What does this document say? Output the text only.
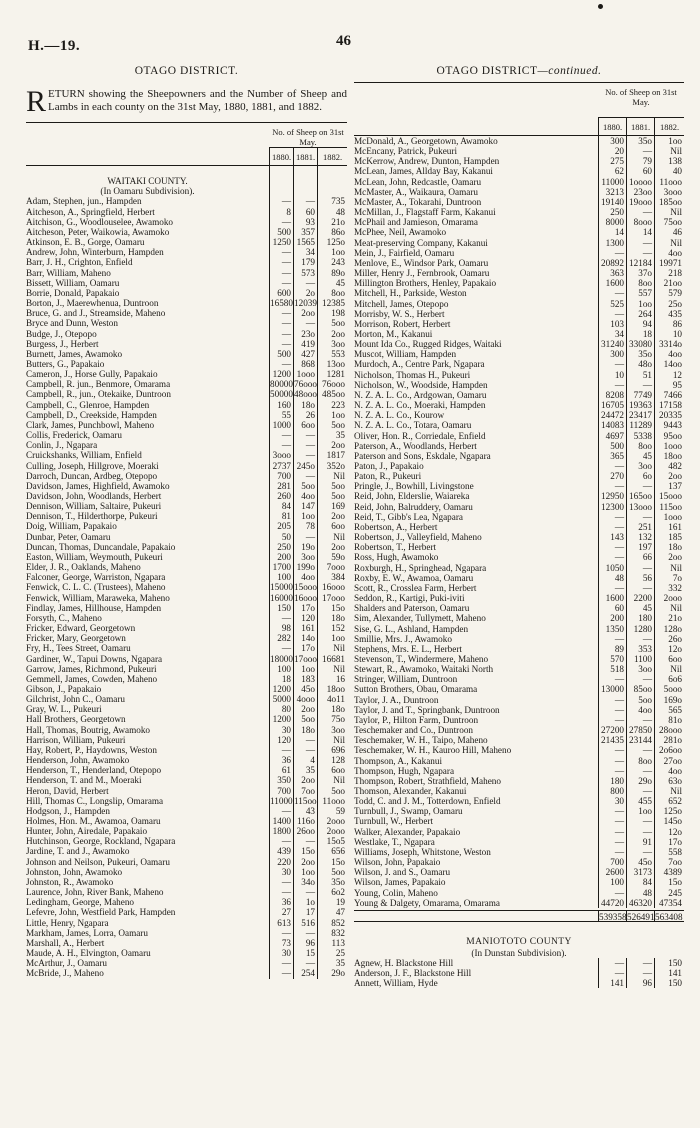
H.—19.	46
OTAGO DISTRICT.
RETURN showing the Sheepowners and the Number of Sheep and Lambs in each county on the 31st May, 1880, 1881, and 1882.
No. of Sheep on 31st May.
1880. 1881. 1882.
WAITAKI COUNTY.
(In Oamaru Subdivision).
Adam, Stephen, jun., Hampden	—	—	735
Aitcheson, A., Springfield, Herbert	8	60	48
Aitchison, G., Woodlouselee, Awamoko	—	93	21o
Aitcheson, Peter, Waikowia, Awamoko	500	357	86o
Atkinson, E. B., Gorge, Oamaru	1250 1565	125o
Andrew, John, Winterburn, Hampden	—	34	1oo
Barr, J. H., Crighton, Enfield	—	179	243
Barr, William, Maheno	—	573	89o
Bissett, William, Oamaru	—	—	45
Borrie, Donald, Papakaio	600	2o	8oo
Borton, J., Maerewhenua, Duntroon	16580 12039 12385
Bruce, G. and J., Streamside, Maheno	—	2oo	198
Bryce and Dunn, Weston	—	—	5oo
Budge, J., Otepopo	—	23o	2oo
Burgess, J., Herbert	—	419	3oo
Burnett, James, Awamoko	500	427	553
Butters, G., Papakaio	—	868	13oo
Cameron, J., Horse Gully, Papakaio	1200 1ooo	1281
Campbell, R. jun., Benmore, Omarama	80000 76ooo 76ooo
Campbell, R., jun., Otekaike, Duntroon	50000 48ooo 485oo
Campbell, C., Glenroe, Hampden	160	18o	223
Campbell, D., Creekside, Hampden	55	26	1oo
Clark, James, Punchbowl, Maheno	1000	6oo	5oo
Collis, Frederick, Oamaru	—	—	35
Conlin, J., Ngapara	—	—	2oo
Cruickshanks, William, Enfield	3ooo	—	1817
Culling, Joseph, Hillgrove, Moeraki	2737 245o	352o
Darroch, Duncan, Ardbeg, Otepopo	700	—	Nil
Davidson, James, Highfield, Awamoko	281	5oo	5oo
Davidson, John, Woodlands, Herbert	260	4oo	5oo
Dennison, William, Saltaire, Pukeuri	84	147	169
Dennison, T., Hilderthorpe, Pukeuri	81	1oo	2oo
Doig, William, Papakaio	205	78	6oo
Dunbar, Peter, Oamaru	50	—	Nil
Duncan, Thomas, Duncandale, Papakaio	250	19o	2oo
Easton, William, Weymouth, Pukeuri	200	3oo	59o
Elder, J. R., Oaklands, Maheno	1700 199o	7ooo
Falconer, George, Warriston, Ngapara	100	4oo	384
Fenwick, C. L. C. (Trustees), Maheno	15000 15ooo 16ooo
Fenwick, William, Maraweka, Maheno	16000 16ooo 17ooo
Findlay, James, Hillhouse, Hampden	150	17o	15o
Forsyth, C., Maheno	—	120	18o
Fricker, Edward, Georgetown	98	161	152
Fricker, Mary, Georgetown	282	14o	1oo
Fry, H., Tees Street, Oamaru	—	17o	Nil
Gardiner, W., Tapui Downs, Ngapara	18000 17ooo 16681
Garrow, James, Richmond, Pukeuri	100	1oo	Nil
Gemmell, James, Cowden, Maheno	18	183	16
Gibson, J., Papakaio	1200	45o	18oo
Gilchrist, John C., Oamaru	5000 4ooo	4o11
Gray, W. L., Pukeuri	80	2oo	18o
Hall Brothers, Georgetown	1200	5oo	75o
Hall, Thomas, Boutrig, Awamoko	30	18o	3oo
Harrison, William, Pukeuri	120	—	Nil
Hay, Robert, P., Haydowns, Weston	—	—	696
Henderson, John, Awamoko	36	4	128
Henderson, T., Henderland, Otepopo	61	35	6oo
Henderson, T. and M., Moeraki	350	2oo	Nil
Heron, David, Herbert	700	7oo	5oo
Hill, Thomas C., Longslip, Omarama	11000 115oo 11ooo
Hodgson, J., Hampden	—	43	59
Holmes, Hon. M., Awamoa, Oamaru	1400 116o	2ooo
Hunter, John, Airedale, Papakaio	1800 26oo	2ooo
Hutchinson, George, Rockland, Ngapara	—	—	15o5
Jardine, T. and J., Awamoko	439	15o	656
Johnson and Neilson, Pukeuri, Oamaru	220	2oo	15o
Johnston, John, Awamoko	30	1oo	5oo
Johnston, R., Awamoko	—	34o	35o
Laurence, John, River Bank, Maheno	—	—	6o2
Ledingham, George, Maheno	36	1o	19
Lefevre, John, Westfield Park, Hampden	27	17	47
Little, Henry, Ngapara	613	516	852
Markham, James, Lorra, Oamaru	—	—	832
Marshall, A., Herbert	73	96	113
Maude, A. H., Elvington, Oamaru	30	15	25
McArthur, J., Oamaru	—	—	35
McBride, J., Maheno	—	254	29o
OTAGO DISTRICT—continued.
No. of Sheep on 31st May.
1880.	1881.	1882.
McDonald, A., Georgetown, Awamoko	300	35o	1oo
McEncany, Patrick, Pukeuri	20	—	Nil
McKerrow, Andrew, Dunton, Hampden	275	79	138
McLean, James, Allday Bay, Kakanui	62	60	40
McLean, John, Redcastle, Oamaru	11000 1oooo 11ooo
McMaster, A., Waikaura, Oamaru	3213	23oo	3ooo
McMaster, A., Tokarahi, Duntroon	19140 19ooo 185oo
McMillan, J., Flagstaff Farm, Kakanui	250	—	Nil
McPhail and Jamieson, Omarama	8000	8ooo	75oo
McPhee, Neil, Awamoko	14	14	46
Meat-preserving Company, Kakanui	1300	—	Nil
Mein, J., Fairfield, Oamaru	—	—	4oo
Menlove, E., Windsor Park, Oamaru	20892 12184 19971
Miller, Henry J., Fernbrook, Oamaru	363	37o	218
Millington Brothers, Henley, Papakaio	1600	8oo	21oo
Mitchell, H., Parkside, Weston	—	557	579
Mitchell, James, Otepopo	525	1oo	25o
Morrisby, W. S., Herbert	—	264	435
Morrison, Robert, Herbert	103	94	86
Morton, M., Kakanui	34	18	10
Mount Ida Co., Rugged Ridges, Waitaki	31240 33080 3314o
Muscot, William, Hampden	300	35o	4oo
Murdoch, A., Centre Park, Ngapara	—	48o	14oo
Nicholson, Thomas H., Pukeuri	10	51	12
Nicholson, W., Woodside, Hampden	—	—	95
N. Z. A. L. Co., Ardgowan, Oamaru	8208	7749	7466
N. Z. A. L. Co., Moeraki, Hampden	16705 19363 17158
N. Z. A. L. Co., Kourow	24472 23417 20335
N. Z. A. L. Co., Totara, Oamaru	14083 11289	9443
Oliver, Hon. R., Corriedale, Enfield	4697	5338	95oo
Paterson, A., Woodlands, Herbert	500	8oo	1ooo
Paterson and Sons, Eskdale, Ngapara	365	45	18oo
Paton, J., Papakaio	—	3oo	482
Paton, R., Pukeuri	270	6o	2oo
Pringle, J., Bowhill, Livingstone	—	—	137
Reid, John, Elderslie, Waiareka	12950 165oo 15ooo
Reid, John, Balruddery, Oamaru	12300 13ooo 115oo
Reid, T., Gibb's Lea, Ngapara	—	—	1ooo
Robertson, A., Herbert	—	251	161
Robertson, J., Valleyfield, Maheno	143	132	185
Robertson, T., Herbert	—	197	18o
Ross, Hugh, Awamoko	—	66	2oo
Roxburgh, H., Springhead, Ngapara	1050	—	Nil
Roxby, E. W., Awamoa, Oamaru	48	56	7o
Scott, R., Crosslea Farm, Herbert	—	—	332
Seddon, R., Kartigi, Puki-iviti	1600	2200	2ooo
Shalders and Paterson, Oamaru	60	45	Nil
Sim, Alexander, Tullymett, Maheno	200	180	21o
Sise, G. L., Ashland, Hampden	1350	1280	128o
Smillie, Mrs. J., Awamoko	—	—	26o
Stephens, Mrs. E. L., Herbert	89	353	12o
Stevenson, T., Windermere, Maheno	570	1100	6oo
Stewart, R., Awamoko, Waitaki North	518	3oo	Nil
Stringer, William, Duntroon	—	—	6o6
Sutton Brothers, Obau, Omarama	13000	85oo	5ooo
Taylor, J. A., Duntroon	—	5oo	169o
Taylor, J. and T., Springbank, Duntroon	—	4oo	565
Taylor, P., Hilton Farm, Duntroon	—	—	81o
Teschemaker and Co., Duntroon	27200 27850 28ooo
Teschemaker, W. H., Taipo, Maheno	21435 23144	281o
Teschemaker, W. H., Kauroo Hill, Maheno	—	— 2o6oo
Thompson, A., Kakanui	—	8oo	27oo
Thompson, Hugh, Ngapara	—	—	4oo
Thompson, Robert, Strathfield, Maheno	180	29o	63o
Thomson, Alexander, Kakanui	800	—	Nil
Todd, C. and J. M., Totterdown, Enfield	30	455	652
Turnbull, J., Swamp, Oamaru	—	1oo	125o
Turnbull, W., Herbert	—	—	145o
Walker, Alexander, Papakaio	—	—	12o
Westlake, T., Ngapara	—	91	17o
Williams, Joseph, Whitstone, Weston	—	—	558
Wilson, John, Papakaio	700	45o	7oo
Wilson, J. and S., Oamaru	2600	3173	4389
Wilson, James, Papakaio	100	84	15o
Young, Colin, Maheno	—	48	245
Young & Dalgety, Omarama, Omarama	44720 46320 47354
539358 526491 563408
MANIOTOTO COUNTY
(In Dunstan Subdivision).
Agnew, H. Blackstone Hill	—	—	150
Anderson, J. F., Blackstone Hill	—	—	141
Annett, William, Hyde	141	96	150
